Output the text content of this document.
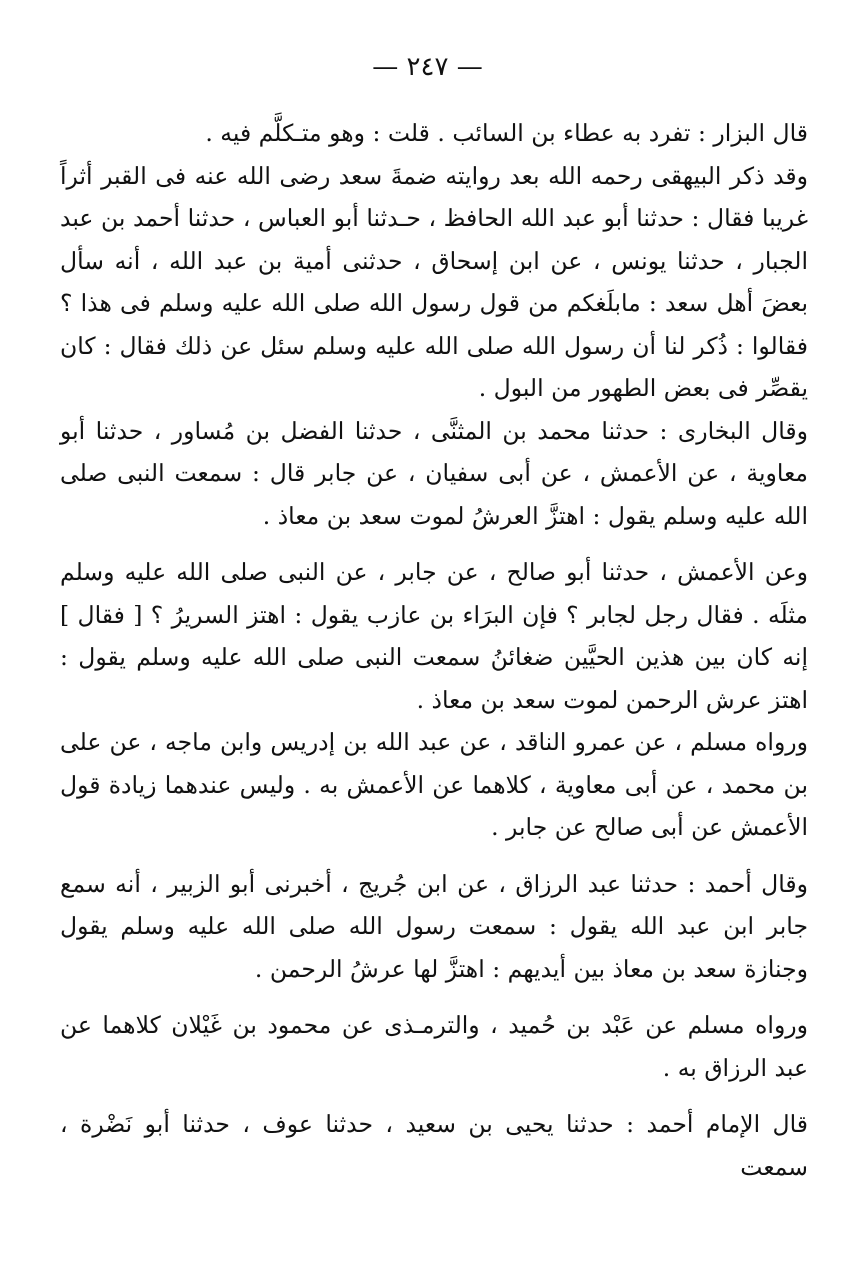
— ٢٤٧ —

قال البزار : تفرد به عطاء بن السائب . قلت : وهو متـكلَّم فيه .

وقد ذكر البيهقى رحمه الله بعد روايته ضمةَ سعد رضى الله عنه فى القبر أثراً غريبا فقال : حدثنا أبو عبد الله الحافظ ، حـدثنا أبو العباس ، حدثنا أحمد بن عبد الجبار ، حدثنا يونس ، عن ابن إسحاق ، حدثنى أمية بن عبد الله ، أنه سأل بعضَ أهل سعد : مابلَغكم من قول رسول الله صلى الله عليه وسلم فى هذا ؟ فقالوا : ذُكر لنا أن رسول الله صلى الله عليه وسلم سئل عن ذلك فقال : كان يقصِّر فى بعض الطهور من البول .

وقال البخارى : حدثنا محمد بن المثنَّى ، حدثنا الفضل بن مُساور ، حدثنا أبو معاوية ، عن الأعمش ، عن أبى سفيان ، عن جابر قال : سمعت النبى صلى الله عليه وسلم يقول : اهتزَّ العرشُ لموت سعد بن معاذ .

وعن الأعمش ، حدثنا أبو صالح ، عن جابر ، عن النبى صلى الله عليه وسلم مثلَه . فقال رجل لجابر ؟ فإن البرَاء بن عازب يقول : اهتز السريرُ ؟ [ فقال ] إنه كان بين هذين الحيَّين ضغائنُ سمعت النبى صلى الله عليه وسلم يقول : اهتز عرش الرحمن لموت سعد بن معاذ .

ورواه مسلم ، عن عمرو الناقد ، عن عبد الله بن إدريس وابن ماجه ، عن على بن محمد ، عن أبى معاوية ، كلاهما عن الأعمش به . وليس عندهما زيادة قول الأعمش عن أبى صالح عن جابر .

وقال أحمد : حدثنا عبد الرزاق ، عن ابن جُريج ، أخبرنى أبو الزبير ، أنه سمع جابر ابن عبد الله يقول : سمعت رسول الله صلى الله عليه وسلم يقول وجنازة سعد بن معاذ بين أيديهم : اهتزَّ لها عرشُ الرحمن .

ورواه مسلم عن عَبْد بن حُميد ، والترمـذى عن محمود بن غَيْلان كلاهما عن عبد الرزاق به .

قال الإمام أحمد : حدثنا يحيى بن سعيد ، حدثنا عوف ، حدثنا أبو نَضْرة ، سمعت
